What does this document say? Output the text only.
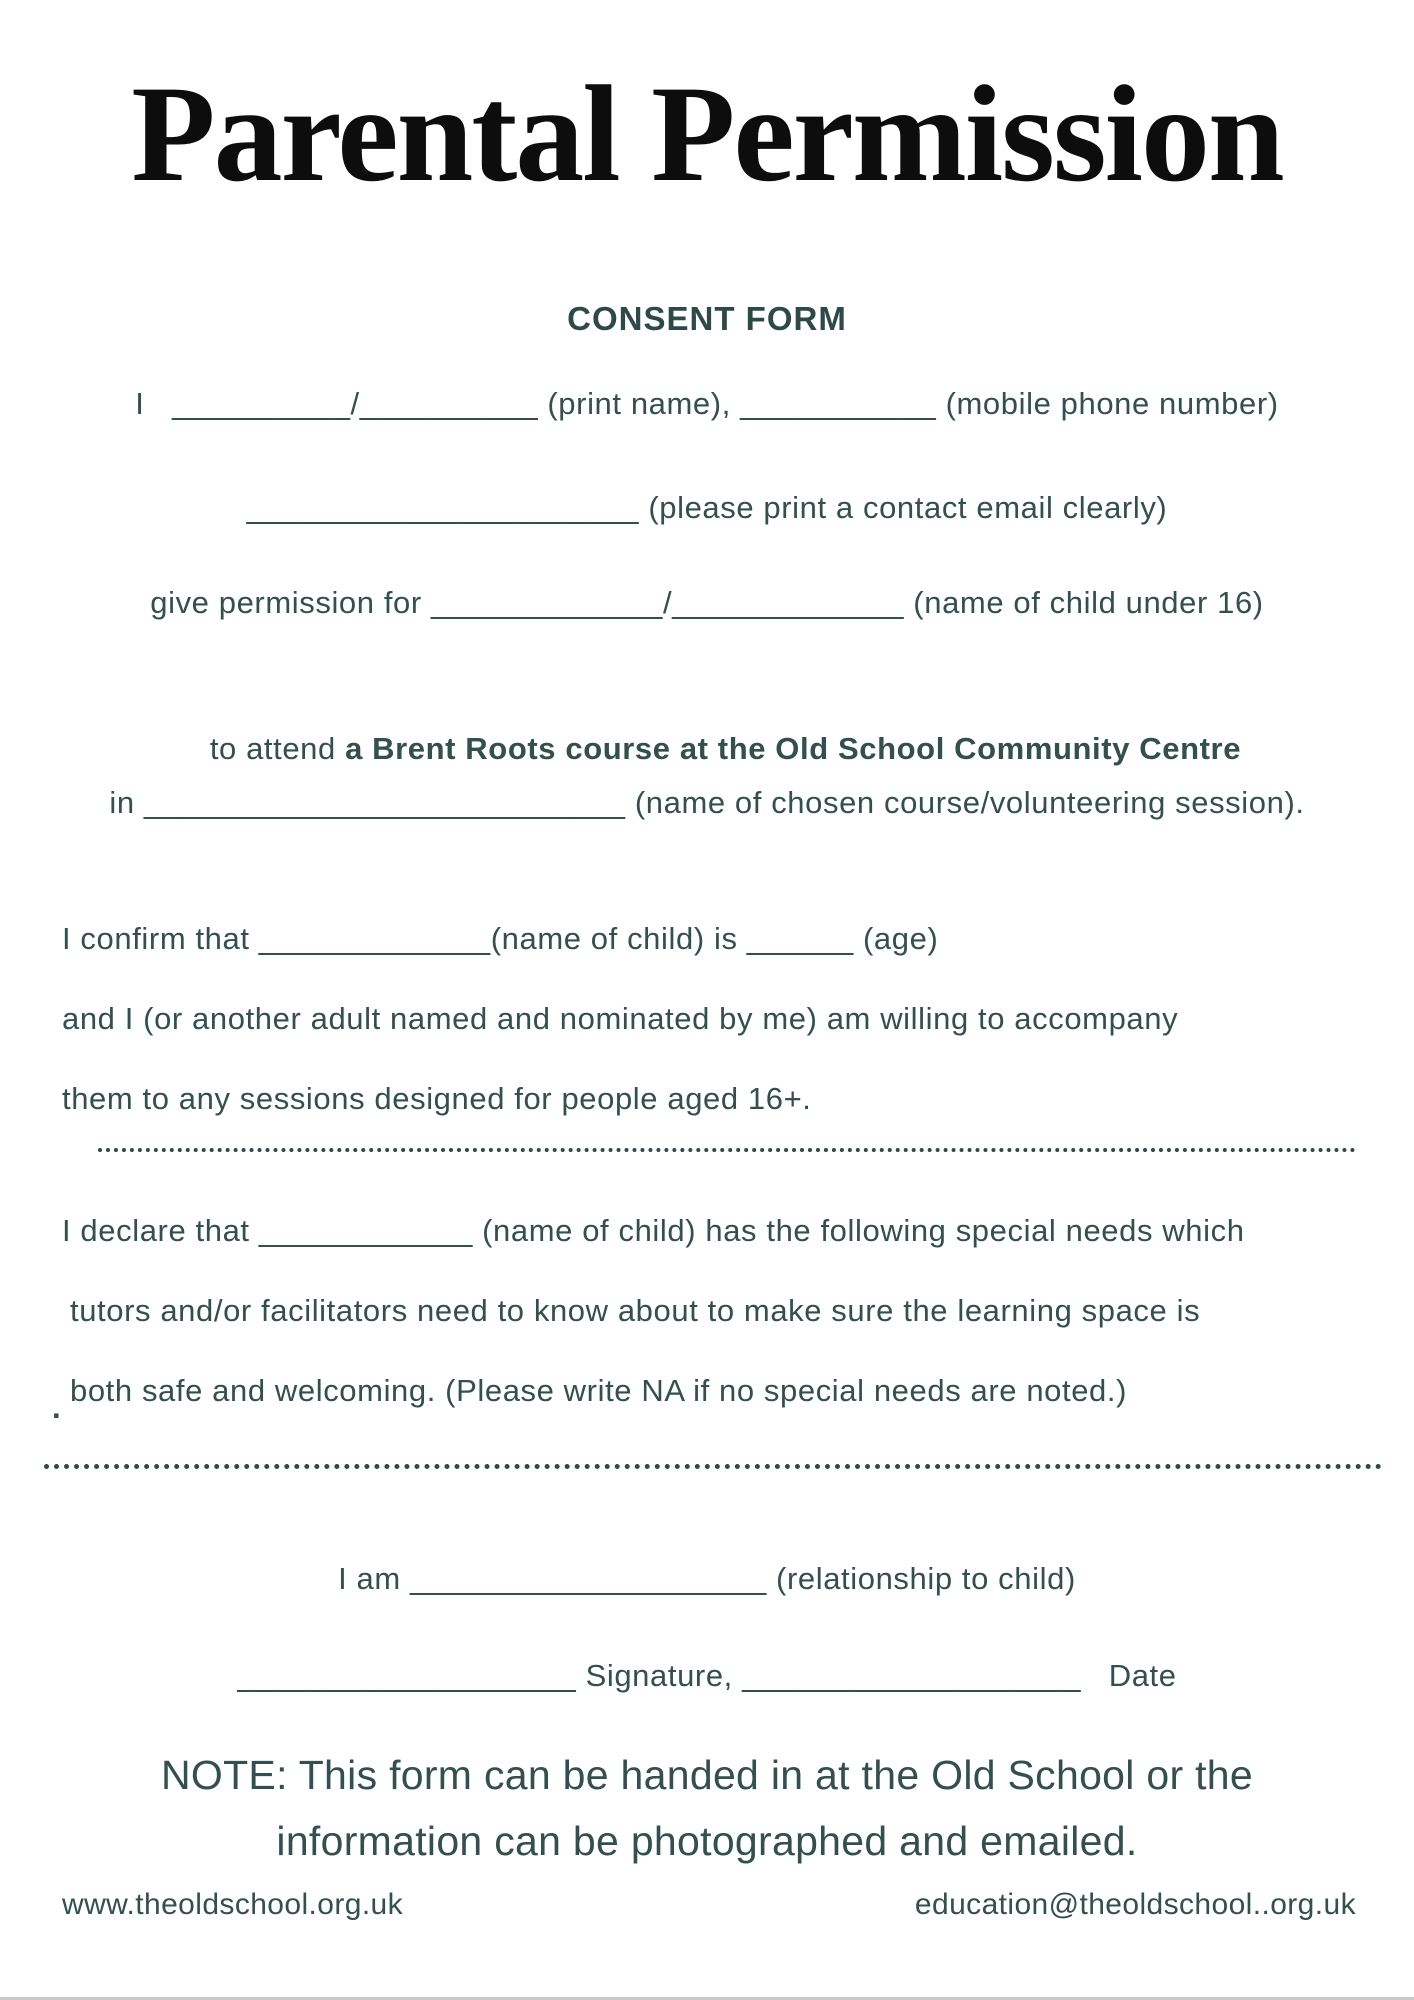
Parental Permission
CONSENT FORM
I   __________/__________ (print name), ___________ (mobile phone number)
______________________ (please print a contact email clearly)
give permission for _____________/_____________ (name of child under 16)

to attend a Brent Roots course at the Old School Community Centre

in ___________________________ (name of chosen course/volunteering session).

I confirm that _____________(name of child) is ______ (age)

and I (or another adult named and nominated by me) am willing to accompany

them to any sessions designed for people aged 16+.

I declare that ____________ (name of child) has the following special needs which

tutors and/or facilitators need to know about to make sure the learning space is

both safe and welcoming. (Please write NA if no special needs are noted.)

.
I am ____________________ (relationship to child)
___________________ Signature, ___________________   Date
NOTE: This form can be handed in at the Old School or the
information can be photographed and emailed.
www.theoldschool.org.uk	education@theoldschool..org.uk
